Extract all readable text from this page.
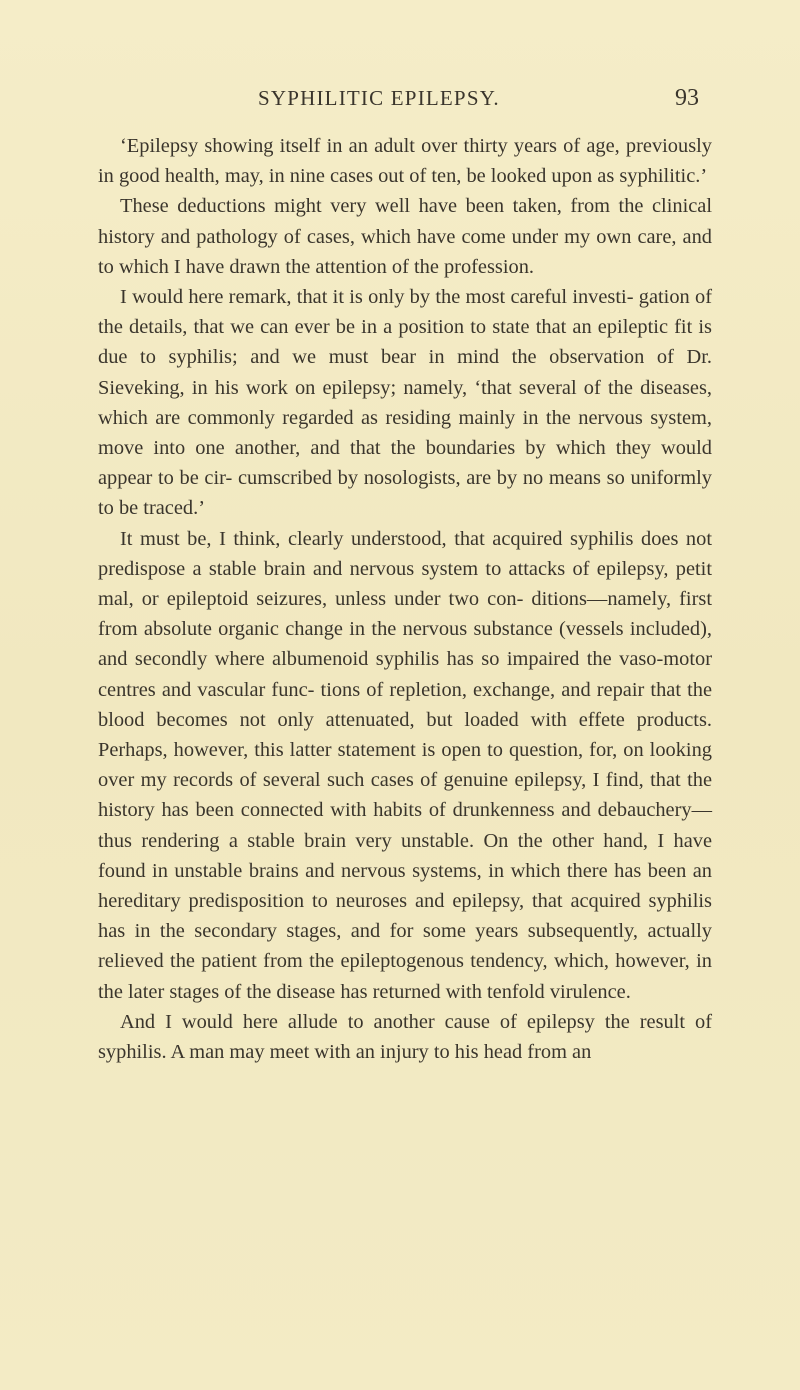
SYPHILITIC EPILEPSY.	93

‘Epilepsy showing itself in an adult over thirty years of age, previously in good health, may, in nine cases out of ten, be looked upon as syphilitic.’

These deductions might very well have been taken, from the clinical history and pathology of cases, which have come under my own care, and to which I have drawn the attention of the profession.

I would here remark, that it is only by the most careful investi- gation of the details, that we can ever be in a position to state that an epileptic fit is due to syphilis; and we must bear in mind the observation of Dr. Sieveking, in his work on epilepsy; namely, ‘that several of the diseases, which are commonly regarded as residing mainly in the nervous system, move into one another, and that the boundaries by which they would appear to be cir- cumscribed by nosologists, are by no means so uniformly to be traced.’

It must be, I think, clearly understood, that acquired syphilis does not predispose a stable brain and nervous system to attacks of epilepsy, petit mal, or epileptoid seizures, unless under two con- ditions—namely, first from absolute organic change in the nervous substance (vessels included), and secondly where albumenoid syphilis has so impaired the vaso-motor centres and vascular func- tions of repletion, exchange, and repair that the blood becomes not only attenuated, but loaded with effete products. Perhaps, however, this latter statement is open to question, for, on looking over my records of several such cases of genuine epilepsy, I find, that the history has been connected with habits of drunkenness and debauchery—thus rendering a stable brain very unstable. On the other hand, I have found in unstable brains and nervous systems, in which there has been an hereditary predisposition to neuroses and epilepsy, that acquired syphilis has in the secondary stages, and for some years subsequently, actually relieved the patient from the epileptogenous tendency, which, however, in the later stages of the disease has returned with tenfold virulence.

And I would here allude to another cause of epilepsy the result of syphilis. A man may meet with an injury to his head from an
